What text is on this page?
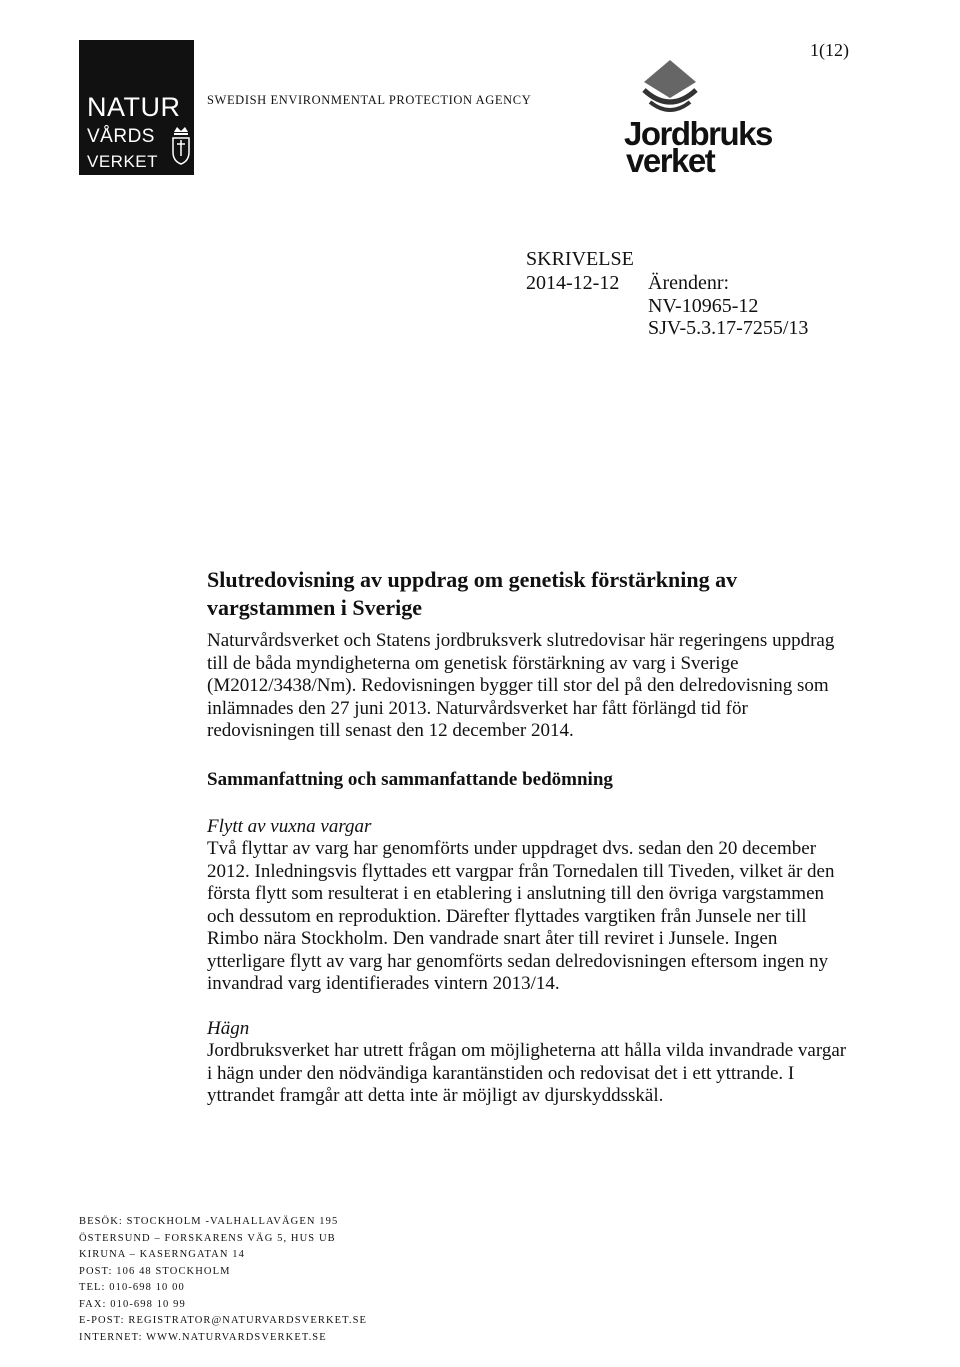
NATUR
VÅRDS
VERKET
SWEDISH ENVIRONMENTAL PROTECTION AGENCY
1(12)
Jordbruks
verket
SKRIVELSE
2014-12-12 Ärendenr:
NV-10965-12
SJV-5.3.17-7255/13
Slutredovisning av uppdrag om genetisk förstärkning av vargstammen i Sverige

Naturvårdsverket och Statens jordbruksverk slutredovisar här regeringens uppdrag till de båda myndigheterna om genetisk förstärkning av varg i Sverige (M2012/3438/Nm). Redovisningen bygger till stor del på den delredovisning som inlämnades den 27 juni 2013. Naturvårdsverket har fått förlängd tid för redovisningen till senast den 12 december 2014.

Sammanfattning och sammanfattande bedömning
Flytt av vuxna vargar

Två flyttar av varg har genomförts under uppdraget dvs. sedan den 20 december 2012. Inledningsvis flyttades ett vargpar från Tornedalen till Tiveden, vilket är den första flytt som resulterat i en etablering i anslutning till den övriga vargstammen och dessutom en reproduktion. Därefter flyttades vargtiken från Junsele ner till Rimbo nära Stockholm. Den vandrade snart åter till reviret i Junsele. Ingen ytterligare flytt av varg har genomförts sedan delredovisningen eftersom ingen ny invandrad varg identifierades vintern 2013/14.

Hägn

Jordbruksverket har utrett frågan om möjligheterna att hålla vilda invandrade vargar i hägn under den nödvändiga karantänstiden och redovisat det i ett yttrande. I yttrandet framgår att detta inte är möjligt av djurskyddsskäl.

BESÖK: STOCKHOLM -VALHALLAVÄGEN 195
ÖSTERSUND – FORSKARENS VÄG 5, HUS UB
KIRUNA – KASERNGATAN 14
POST: 106 48 STOCKHOLM
TEL: 010-698 10 00
FAX: 010-698 10 99
E-POST: REGISTRATOR@NATURVARDSVERKET.SE
INTERNET: WWW.NATURVARDSVERKET.SE
